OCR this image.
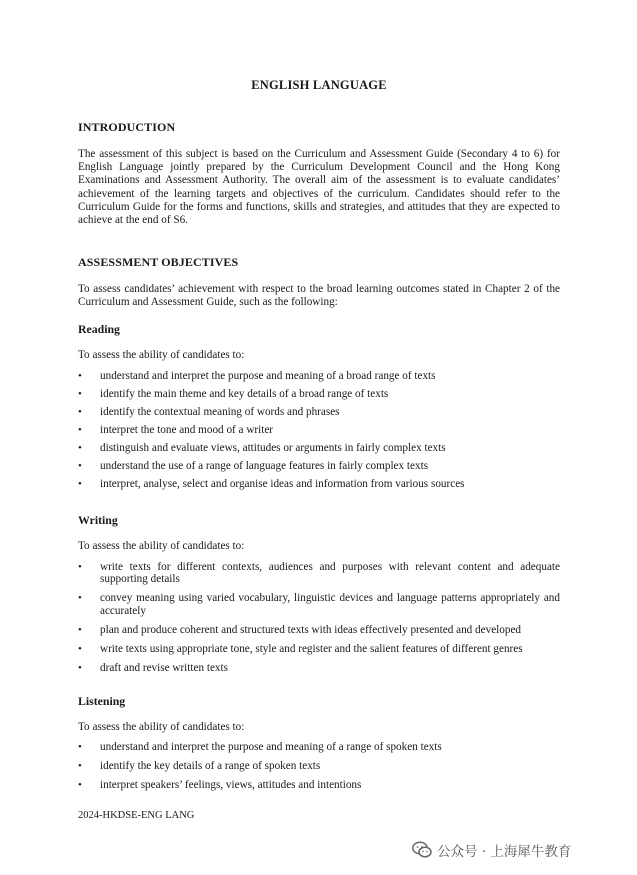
ENGLISH LANGUAGE
INTRODUCTION
The assessment of this subject is based on the Curriculum and Assessment Guide (Secondary 4 to 6) for English Language jointly prepared by the Curriculum Development Council and the Hong Kong Examinations and Assessment Authority. The overall aim of the assessment is to evaluate candidates’ achievement of the learning targets and objectives of the curriculum. Candidates should refer to the Curriculum Guide for the forms and functions, skills and strategies, and attitudes that they are expected to achieve at the end of S6.
ASSESSMENT OBJECTIVES
To assess candidates’ achievement with respect to the broad learning outcomes stated in Chapter 2 of the Curriculum and Assessment Guide, such as the following:
Reading
To assess the ability of candidates to:
• understand and interpret the purpose and meaning of a broad range of texts
• identify the main theme and key details of a broad range of texts
• identify the contextual meaning of words and phrases
• interpret the tone and mood of a writer
• distinguish and evaluate views, attitudes or arguments in fairly complex texts
• understand the use of a range of language features in fairly complex texts
• interpret, analyse, select and organise ideas and information from various sources
Writing
To assess the ability of candidates to:
• write texts for different contexts, audiences and purposes with relevant content and adequate supporting details
• convey meaning using varied vocabulary, linguistic devices and language patterns appropriately and accurately
• plan and produce coherent and structured texts with ideas effectively presented and developed
• write texts using appropriate tone, style and register and the salient features of different genres
• draft and revise written texts
Listening
To assess the ability of candidates to:
• understand and interpret the purpose and meaning of a range of spoken texts
• identify the key details of a range of spoken texts
• interpret speakers’ feelings, views, attitudes and intentions
2024-HKDSE-ENG LANG
公众号 · 上海犀牛教育
